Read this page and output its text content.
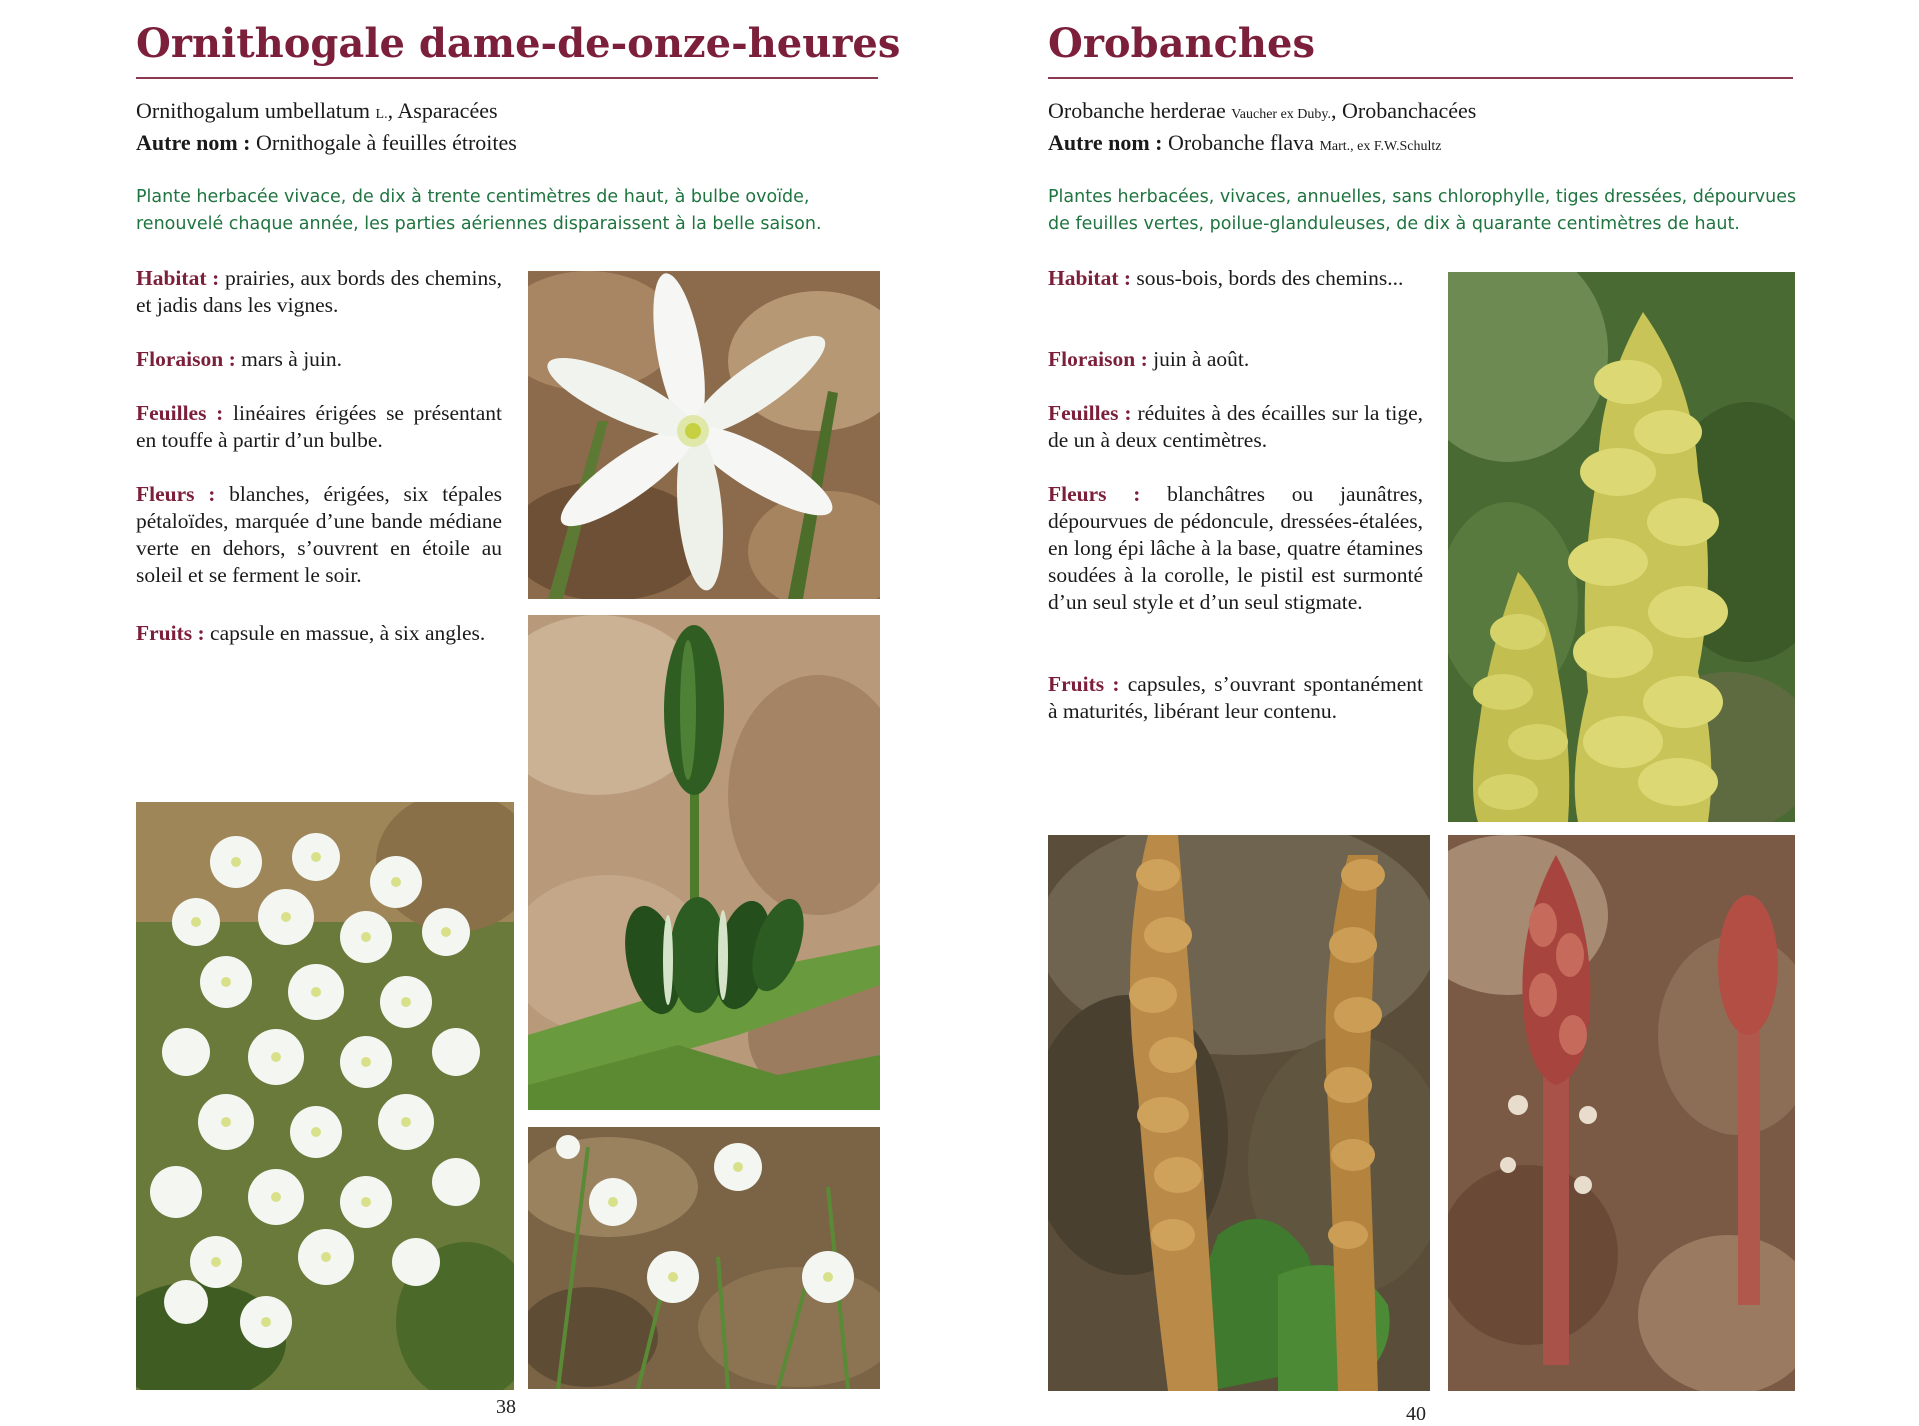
Ornithogale dame-de-onze-heures
Ornithogalum umbellatum L., Asparacées
Autre nom : Ornithogale à feuilles étroites
Plante herbacée vivace, de dix à trente centimètres de haut, à bulbe ovoïde, renouvelé chaque année, les parties aériennes disparaissent à la belle saison.
Habitat : prairies, aux bords des chemins, et jadis dans les vignes.
Floraison : mars à juin.
Feuilles : linéaires érigées se présentant en touffe à partir d’un bulbe.
Fleurs : blanches, érigées, six tépales pétaloïdes, marquée d’une bande médiane verte en dehors, s’ouvrent en étoile au soleil et se ferment le soir.
Fruits : capsule en massue, à six angles.
38
Orobanches
Orobanche herderae Vaucher ex Duby., Orobanchacées
Autre nom : Orobanche flava Mart., ex F.W.Schultz
Plantes herbacées, vivaces, annuelles, sans chlorophylle, tiges dressées, dépourvues de feuilles vertes, poilue-glanduleuses, de dix à quarante centimètres de haut.
Habitat : sous-bois, bords des chemins...
Floraison : juin à août.
Feuilles : réduites à des écailles sur la tige, de un à deux centimètres.
Fleurs : blanchâtres ou jaunâtres, dépourvues de pédoncule, dressées-étalées, en long épi lâche à la base, quatre étamines soudées à la corolle, le pistil est surmonté d’un seul style et d’un seul stigmate.
Fruits : capsules, s’ouvrant spontanément à maturités, libérant leur contenu.
40
